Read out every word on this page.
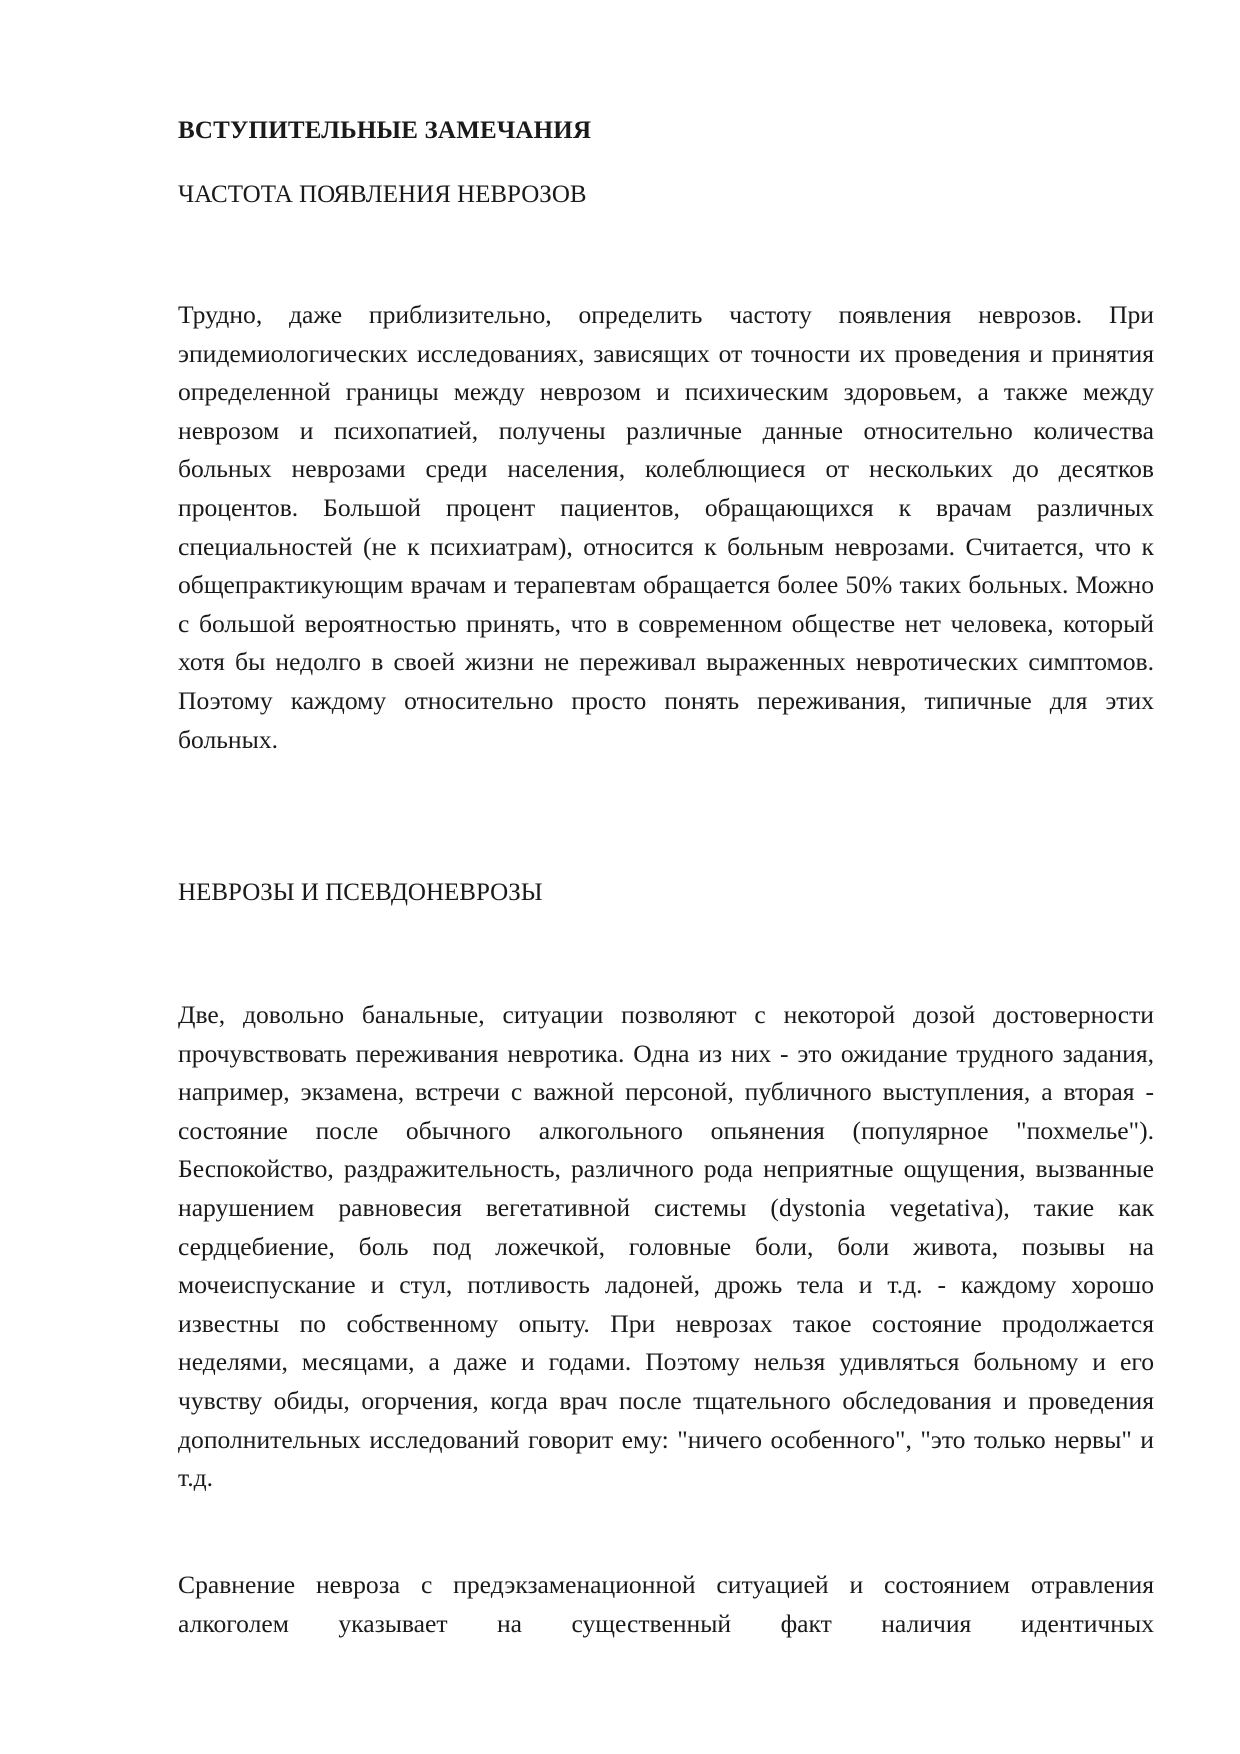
ВСТУПИТЕЛЬНЫЕ ЗАМЕЧАНИЯ
ЧАСТОТА ПОЯВЛЕНИЯ НЕВРОЗОВ

Трудно, даже приблизительно, определить частоту появления неврозов. При эпидемиологических исследованиях, зависящих от точности их проведения и принятия определенной границы между неврозом и психическим здоровьем, а также между неврозом и психопатией, получены различные данные относительно количества больных неврозами среди населения, колеблющиеся от нескольких до десятков процентов. Большой процент пациентов, обращающихся к врачам различных специальностей (не к психиатрам), относится к больным неврозами. Считается, что к общепрактикующим врачам и терапевтам обращается более 50% таких больных. Можно с большой вероятностью принять, что в современном обществе нет человека, который хотя бы недолго в своей жизни не переживал выраженных невротических симптомов. Поэтому каждому относительно просто понять переживания, типичные для этих больных.

НЕВРОЗЫ И ПСЕВДОНЕВРОЗЫ

Две, довольно банальные, ситуации позволяют с некоторой дозой достоверности прочувствовать переживания невротика. Одна из них - это ожидание трудного задания, например, экзамена, встречи с важной персоной, публичного выступления, а вторая - состояние после обычного алкогольного опьянения (популярное "похмелье"). Беспокойство, раздражительность, различного рода неприятные ощущения, вызванные нарушением равновесия вегетативной системы (dystonia vegetativa), такие как сердцебиение, боль под ложечкой, головные боли, боли живота, позывы на мочеиспускание и стул, потливость ладоней, дрожь тела и т.д. - каждому хорошо известны по собственному опыту. При неврозах такое состояние продолжается неделями, месяцами, а даже и годами. Поэтому нельзя удивляться больному и его чувству обиды, огорчения, когда врач после тщательного обследования и проведения дополнительных исследований говорит ему: "ничего особенного", "это только нервы" и т.д.

Сравнение невроза с предэкзаменационной ситуацией и состоянием отравления алкоголем указывает на существенный факт наличия идентичных
